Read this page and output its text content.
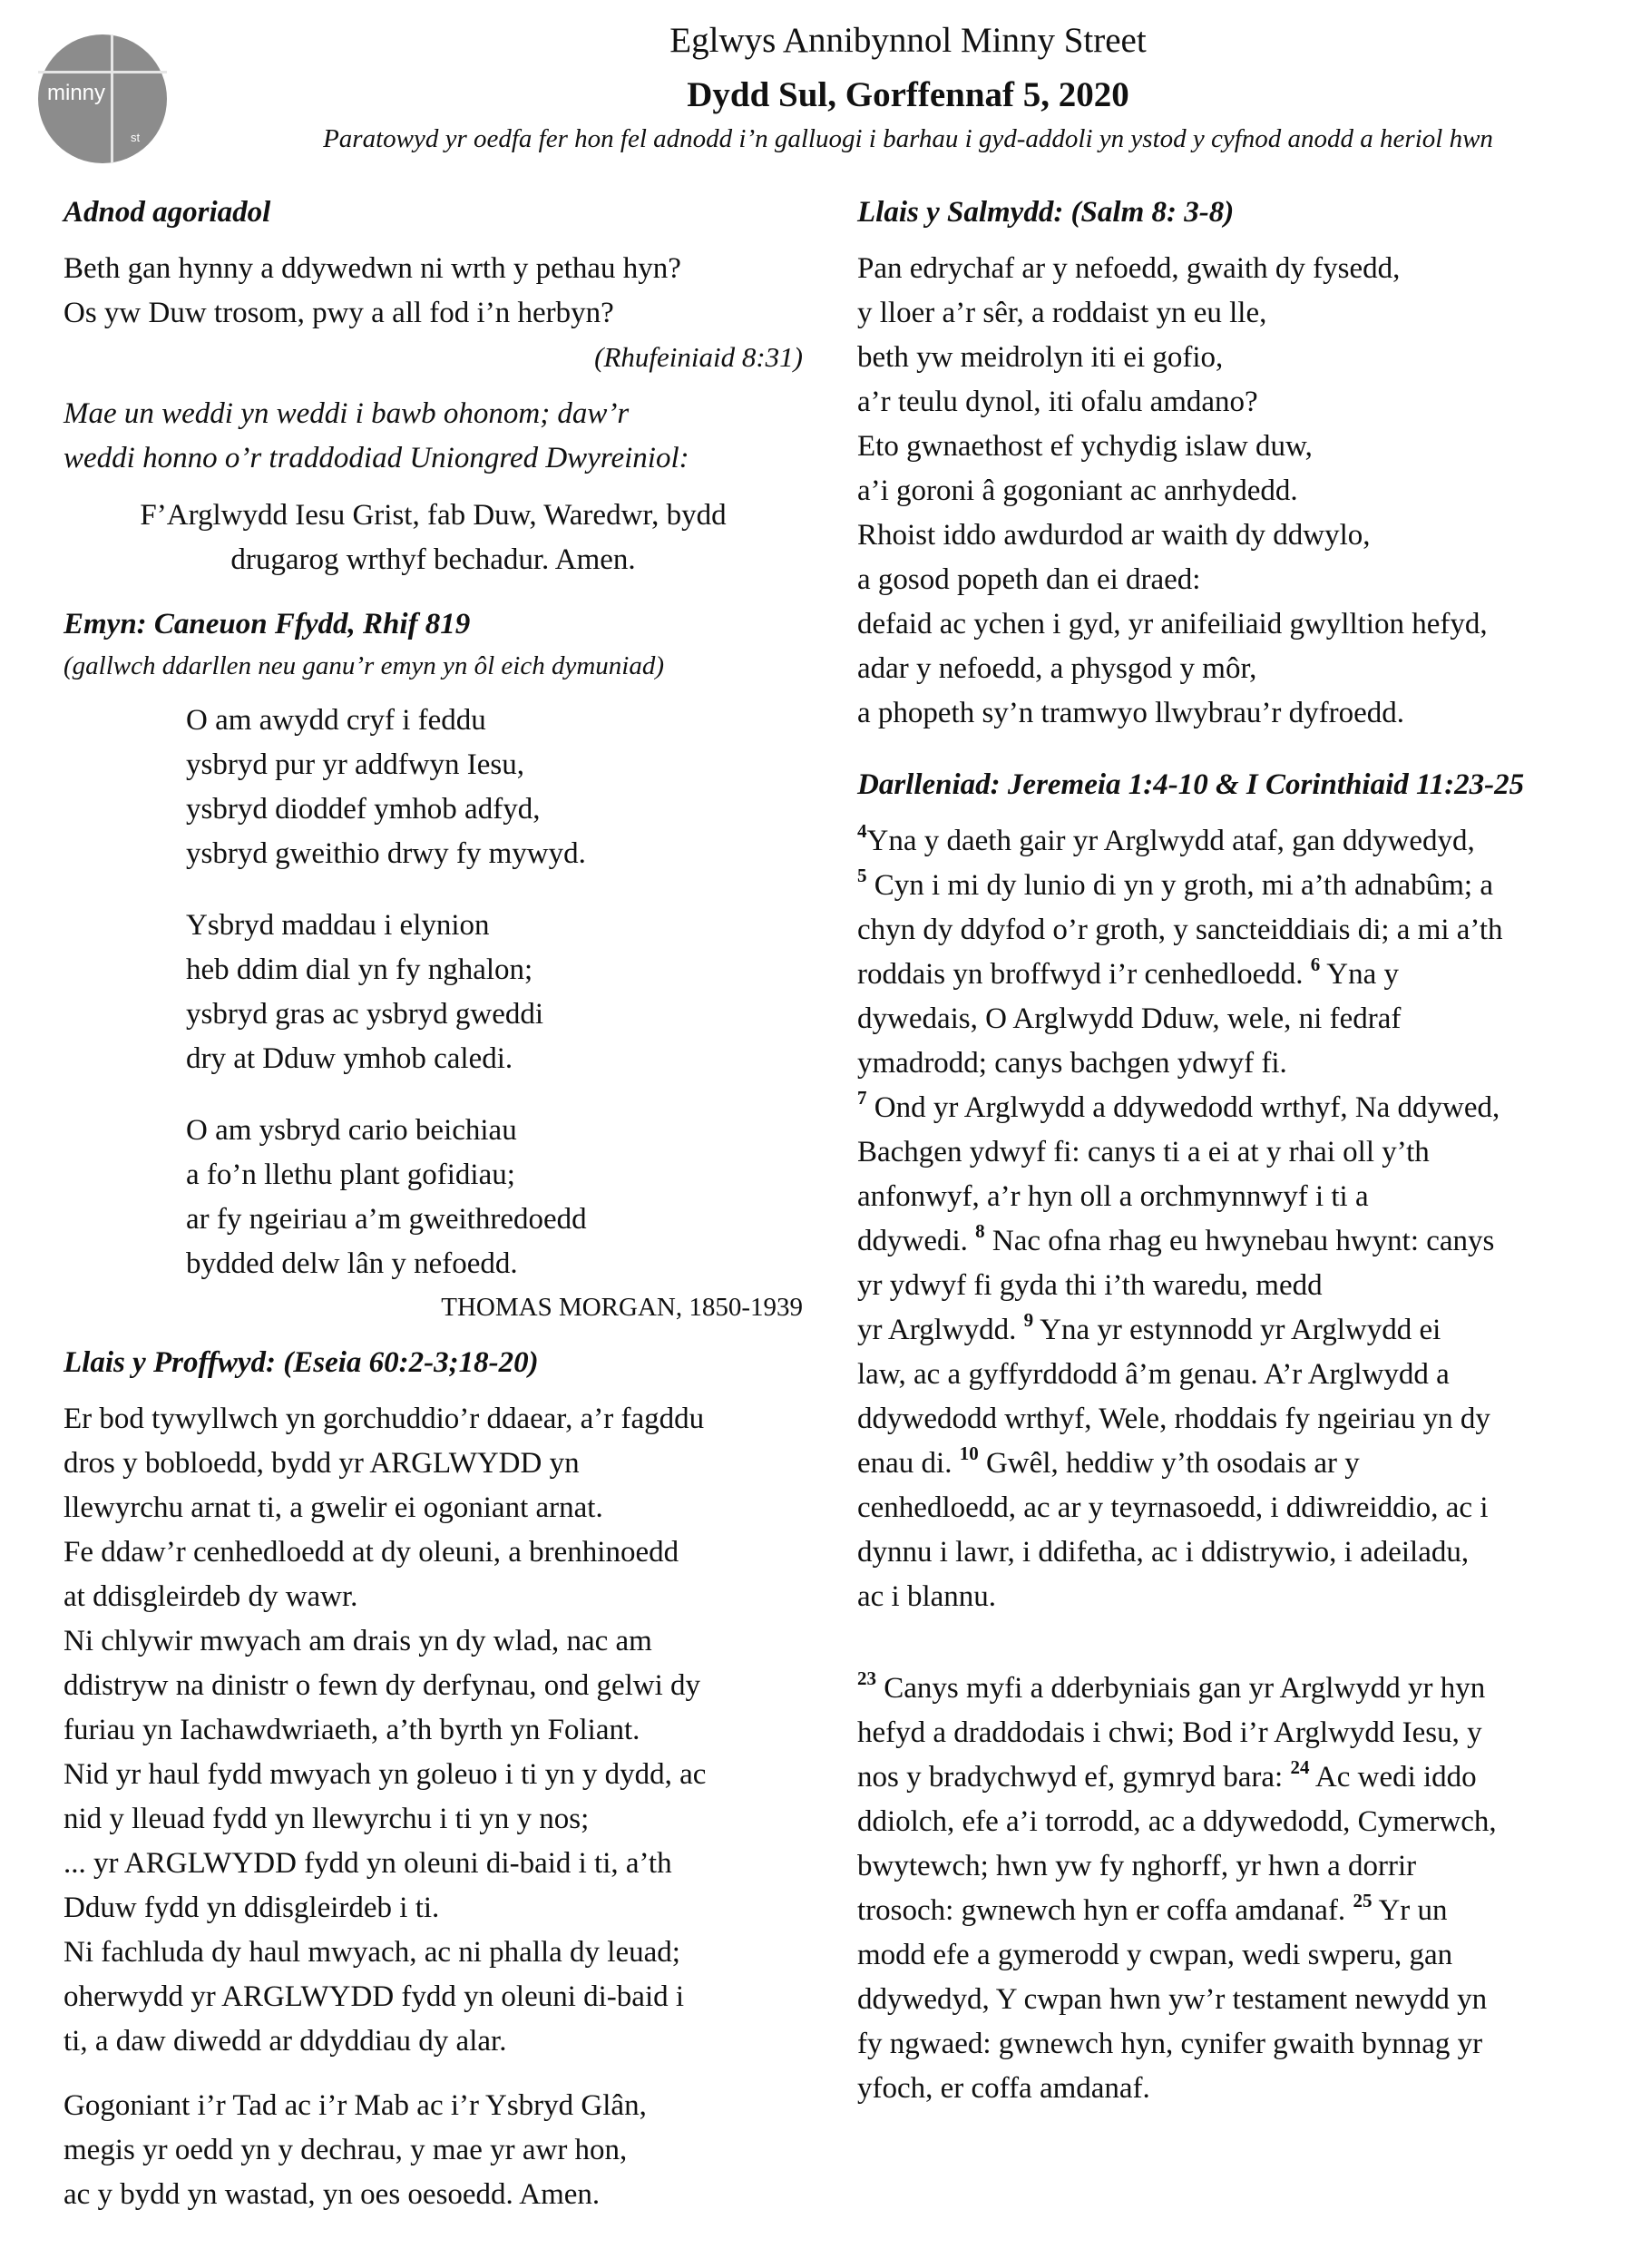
minny
st
Eglwys Annibynnol Minny Street
Dydd Sul, Gorffennaf 5, 2020
Paratowyd yr oedfa fer hon fel adnodd i’n galluogi i barhau i gyd-addoli yn ystod y cyfnod anodd a heriol hwn

Adnod agoriadol

Beth gan hynny a ddywedwn ni wrth y pethau hyn?

Os yw Duw trosom, pwy a all fod i’n herbyn?

(Rhufeiniaid 8:31)

Mae un weddi yn weddi i bawb ohonom; daw’r

weddi honno o’r traddodiad Uniongred Dwyreiniol:

F’Arglwydd Iesu Grist, fab Duw, Waredwr, bydd

drugarog wrthyf bechadur. Amen.

Emyn: Caneuon Ffydd, Rhif 819

(gallwch ddarllen neu ganu’r emyn yn ôl eich dymuniad)

O am awydd cryf i feddu

ysbryd pur yr addfwyn Iesu,

ysbryd dioddef ymhob adfyd,

ysbryd gweithio drwy fy mywyd.

Ysbryd maddau i elynion

heb ddim dial yn fy nghalon;

ysbryd gras ac ysbryd gweddi

dry at Dduw ymhob caledi.

O am ysbryd cario beichiau

a fo’n llethu plant gofidiau;

ar fy ngeiriau a’m gweithredoedd

bydded delw lân y nefoedd.

THOMAS MORGAN, 1850-1939

Llais y Proffwyd: (Eseia 60:2-3;18-20)

Er bod tywyllwch yn gorchuddio’r ddaear, a’r fagddu

dros y bobloedd, bydd yr ARGLWYDD yn

llewyrchu arnat ti, a gwelir ei ogoniant arnat.

Fe ddaw’r cenhedloedd at dy oleuni, a brenhinoedd

at ddisgleirdeb dy wawr.

Ni chlywir mwyach am drais yn dy wlad, nac am

ddistryw na dinistr o fewn dy derfynau, ond gelwi dy

furiau yn Iachawdwriaeth, a’th byrth yn Foliant.

Nid yr haul fydd mwyach yn goleuo i ti yn y dydd, ac

nid y lleuad fydd yn llewyrchu i ti yn y nos;

... yr ARGLWYDD fydd yn oleuni di-baid i ti, a’th

Dduw fydd yn ddisgleirdeb i ti.

Ni fachluda dy haul mwyach, ac ni phalla dy leuad;

oherwydd yr ARGLWYDD fydd yn oleuni di-baid i

ti, a daw diwedd ar ddyddiau dy alar.

Gogoniant i’r Tad ac i’r Mab ac i’r Ysbryd Glân,

megis yr oedd yn y dechrau, y mae yr awr hon,

ac y bydd yn wastad, yn oes oesoedd. Amen.

Llais y Salmydd: (Salm 8: 3-8)

Pan edrychaf ar y nefoedd, gwaith dy fysedd,

y lloer a’r sêr, a roddaist yn eu lle,

beth yw meidrolyn iti ei gofio,

a’r teulu dynol, iti ofalu amdano?

Eto gwnaethost ef ychydig islaw duw,

a’i goroni â gogoniant ac anrhydedd.

Rhoist iddo awdurdod ar waith dy ddwylo,

a gosod popeth dan ei draed:

defaid ac ychen i gyd, yr anifeiliaid gwylltion hefyd,

adar y nefoedd, a physgod y môr,

a phopeth sy’n tramwyo llwybrau’r dyfroedd.

Darlleniad: Jeremeia 1:4-10 & I Corinthiaid 11:23-25

$^4$Yna y daeth gair yr Arglwydd ataf, gan ddywedyd,

$^5$ Cyn i mi dy lunio di yn y groth, mi a’th adnabûm; a

chyn dy ddyfod o’r groth, y sancteiddiais di; a mi a’th

roddais yn broffwyd i’r cenhedloedd. $^6$ Yna y

dywedais, O Arglwydd Dduw, wele, ni fedraf

ymadrodd; canys bachgen ydwyf fi.

$^7$ Ond yr Arglwydd a ddywedodd wrthyf, Na ddywed,

Bachgen ydwyf fi: canys ti a ei at y rhai oll y’th

anfonwyf, a’r hyn oll a orchmynnwyf i ti a

ddywedi. $^8$ Nac ofna rhag eu hwynebau hwynt: canys

yr ydwyf fi gyda thi i’th waredu, medd

yr Arglwydd. $^9$ Yna yr estynnodd yr Arglwydd ei

law, ac a gyffyrddodd â’m genau. A’r Arglwydd a

ddywedodd wrthyf, Wele, rhoddais fy ngeiriau yn dy

enau di. $^{10}$ Gwêl, heddiw y’th osodais ar y

cenhedloedd, ac ar y teyrnasoedd, i ddiwreiddio, ac i

dynnu i lawr, i ddifetha, ac i ddistrywio, i adeiladu,

ac i blannu.

$^{23}$ Canys myfi a dderbyniais gan yr Arglwydd yr hyn

hefyd a draddodais i chwi; Bod i’r Arglwydd Iesu, y

nos y bradychwyd ef, gymryd bara: $^{24}$ Ac wedi iddo

ddiolch, efe a’i torrodd, ac a ddywedodd, Cymerwch,

bwytewch; hwn yw fy nghorff, yr hwn a dorrir

trosoch: gwnewch hyn er coffa amdanaf. $^{25}$ Yr un

modd efe a gymerodd y cwpan, wedi swperu, gan

ddywedyd, Y cwpan hwn yw’r testament newydd yn

fy ngwaed: gwnewch hyn, cynifer gwaith bynnag yr

yfoch, er coffa amdanaf.
